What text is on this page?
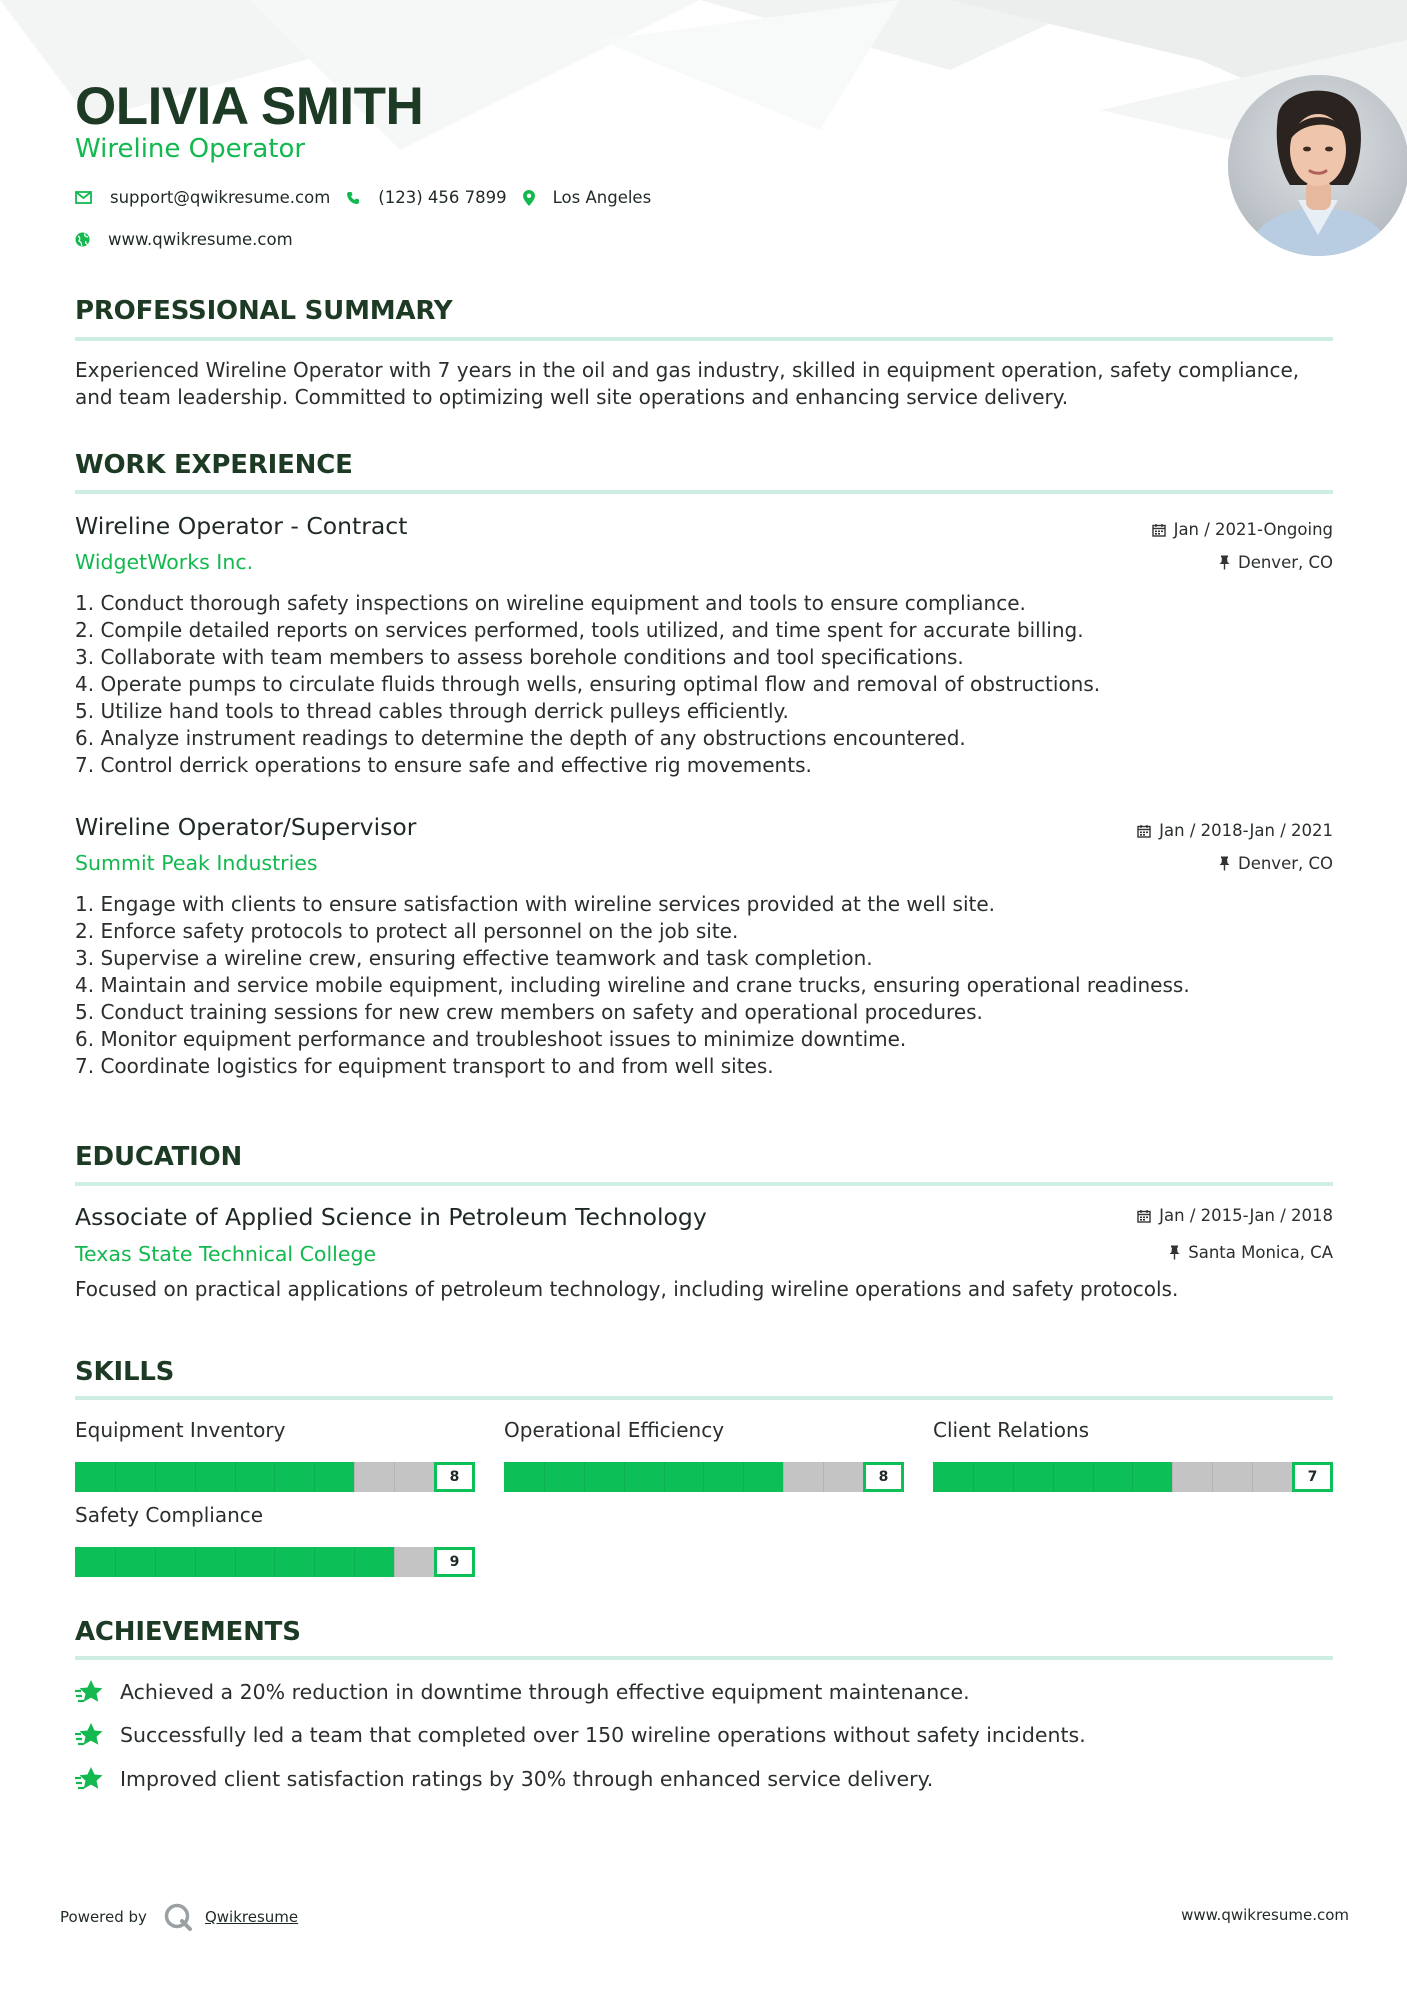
OLIVIA SMITH
Wireline Operator
support@qwikresume.com	(123) 456 7899	Los Angeles
www.qwikresume.com
PROFESSIONAL SUMMARY
Experienced Wireline Operator with 7 years in the oil and gas industry, skilled in equipment operation, safety compliance, and team leadership. Committed to optimizing well site operations and enhancing service delivery.
WORK EXPERIENCE
Wireline Operator - Contract
WidgetWorks Inc.
Jan / 2021-Ongoing
Denver, CO
1. Conduct thorough safety inspections on wireline equipment and tools to ensure compliance.
2. Compile detailed reports on services performed, tools utilized, and time spent for accurate billing.
3. Collaborate with team members to assess borehole conditions and tool specifications.
4. Operate pumps to circulate fluids through wells, ensuring optimal flow and removal of obstructions.
5. Utilize hand tools to thread cables through derrick pulleys efficiently.
6. Analyze instrument readings to determine the depth of any obstructions encountered.
7. Control derrick operations to ensure safe and effective rig movements.
Wireline Operator/Supervisor
Summit Peak Industries
Jan / 2018-Jan / 2021
Denver, CO
1. Engage with clients to ensure satisfaction with wireline services provided at the well site.
2. Enforce safety protocols to protect all personnel on the job site.
3. Supervise a wireline crew, ensuring effective teamwork and task completion.
4. Maintain and service mobile equipment, including wireline and crane trucks, ensuring operational readiness.
5. Conduct training sessions for new crew members on safety and operational procedures.
6. Monitor equipment performance and troubleshoot issues to minimize downtime.
7. Coordinate logistics for equipment transport to and from well sites.
EDUCATION
Associate of Applied Science in Petroleum Technology
Texas State Technical College
Jan / 2015-Jan / 2018
Santa Monica, CA
Focused on practical applications of petroleum technology, including wireline operations and safety protocols.
SKILLS
Equipment Inventory
8
Operational Efficiency
8
Client Relations
7
Safety Compliance
9
ACHIEVEMENTS
Achieved a 20% reduction in downtime through effective equipment maintenance.
Successfully led a team that completed over 150 wireline operations without safety incidents.
Improved client satisfaction ratings by 30% through enhanced service delivery.
Powered by	Qwikresume	www.qwikresume.com
